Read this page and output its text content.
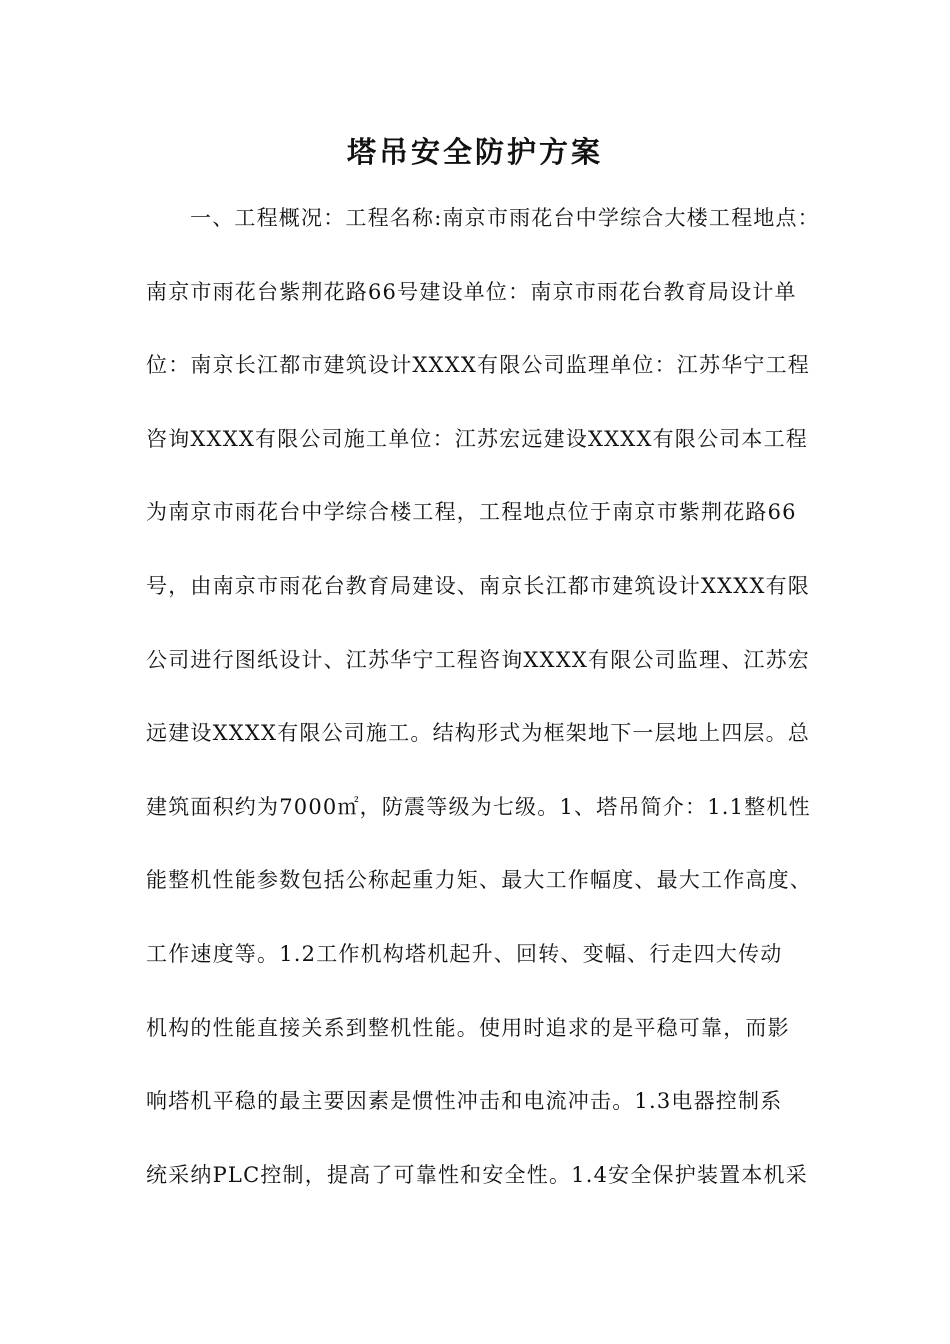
塔吊安全防护方案
一、工程概况：工程名称:南京市雨花台中学综合大楼工程地点：
南京市雨花台紫荆花路66号建设单位：南京市雨花台教育局设计单
位：南京长江都市建筑设计XXXX有限公司监理单位：江苏华宁工程
咨询XXXX有限公司施工单位：江苏宏远建设XXXX有限公司本工程
为南京市雨花台中学综合楼工程，工程地点位于南京市紫荆花路66
号，由南京市雨花台教育局建设、南京长江都市建筑设计XXXX有限
公司进行图纸设计、江苏华宁工程咨询XXXX有限公司监理、江苏宏
远建设XXXX有限公司施工。结构形式为框架地下一层地上四层。总
建筑面积约为7000㎡，防震等级为七级。1、塔吊简介：1.1整机性
能整机性能参数包括公称起重力矩、最大工作幅度、最大工作高度、
工作速度等。1.2工作机构塔机起升、回转、变幅、行走四大传动
机构的性能直接关系到整机性能。使用时追求的是平稳可靠，而影
响塔机平稳的最主要因素是惯性冲击和电流冲击。1.3电器控制系
统采纳PLC控制，提高了可靠性和安全性。1.4安全保护装置本机采
